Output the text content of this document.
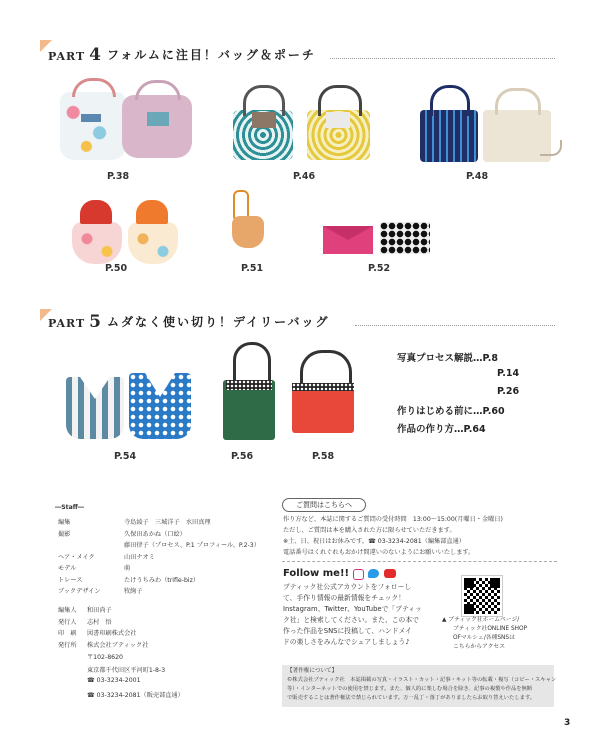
PART 4 フォルムに注目！バッグ＆ポーチ
P.38	P.46	P.48
P.50	P.51	P.52
PART 5 ムダなく使い切り！デイリーバッグ
P.54	P.56	P.58
写真プロセス解説…P.8
P.14
P.26
作りはじめる前に…P.60
作品の作り方…P.64
―Staff―
編集	寺島綾子　三城洋子　水田真理
撮影	久保田あかね（口絵）
藤田律子（プロセス、P.1 プロフィール、P.2-3）
ヘア・メイク	山田ナオミ
モデル	萌
トレース	たけうちみわ（trifle-biz）
ブックデザイン	牧絢子
編集人 和田尚子
発行人 志村　悟
印　刷 図書印刷株式会社
発行所 株式会社ブティック社
〒102-8620
東京都千代田区平河町1-8-3
☎ 03-3234-2001
☎ 03-3234-2081（販売部直通）
ご質問はこちらへ
作り方など、本誌に関するご質問の受付時間　13:00～15:00(月曜日・金曜日)
ただし、ご質問は本を購入された方に限らせていただきます。
※土、日、祝日はお休みです。☎ 03-3234-2081（編集部直通）
電話番号はくれぐれもおかけ間違いのないようにお願いいたします。
Follow me!!
ブティック社公式アカウントをフォローし
て、手作り情報の最新情報をチェック！
Instagram、Twitter、YouTubeで「ブティッ
ク社」と検索してください。また、この本で
作った作品をSNSに投稿して、ハンドメイ
ドの楽しさをみんなでシェアしましょう♪
▲ ブティック社ホームページ/
ブティック社ONLINE SHOP
OFマルシェ/各種SNSは
こちらからアクセス
【著作権について】
©株式会社ブティック社　本誌掲載の写真・イラスト・カット・記事・キット等の転載・複写（コピー・スキャン
等）・インターネットでの使用を禁じます。また、個人的に楽しむ場合を除き、記事の複製や作品を無断
で販売することは著作権法で禁じられています。万一乱丁・落丁がありましたらお取り替えいたします。
3
